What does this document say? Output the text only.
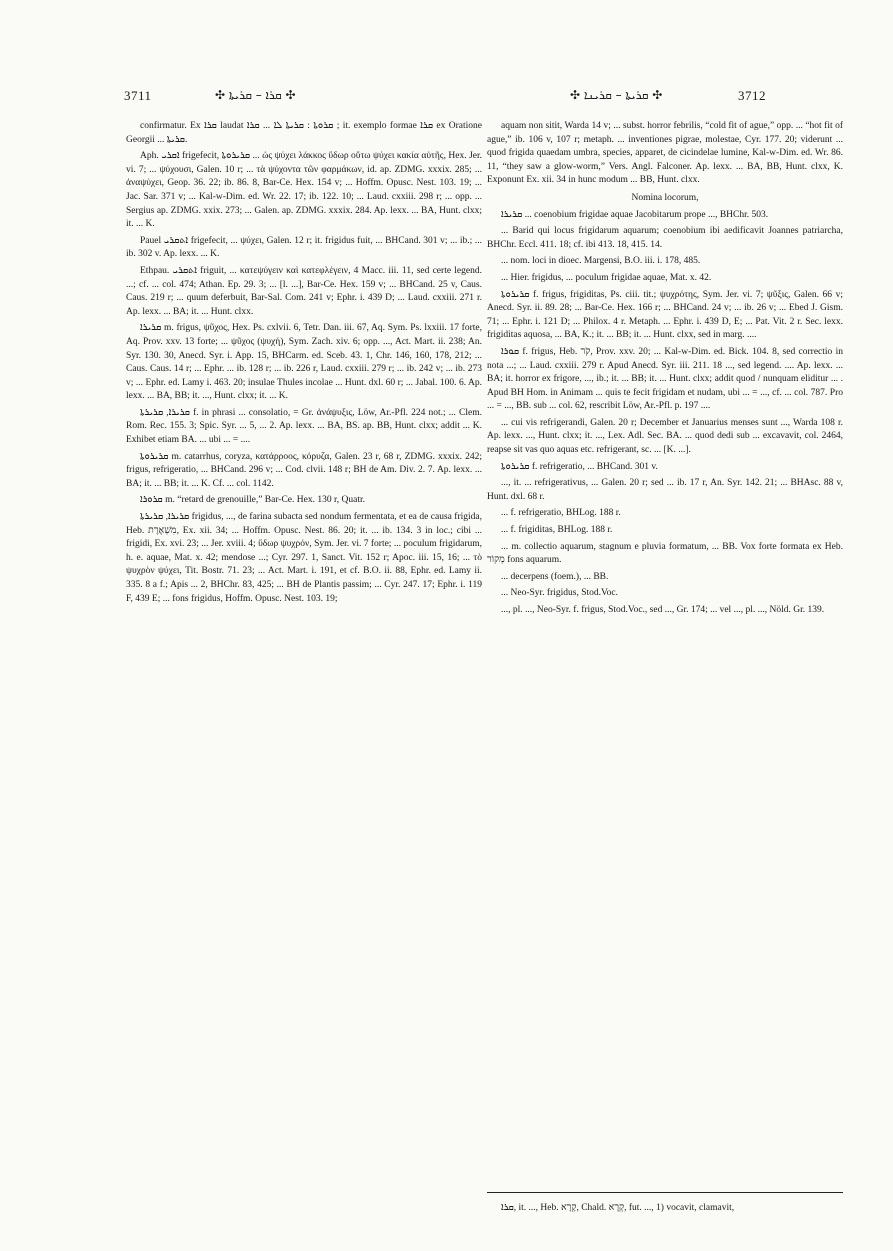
3711	✣ ܩܪܐ – ܩܪܝܬܐ ✣	✣ ܩܪܝܬܐ – ܩܪܝܢܐ ✣	3712

confirmatur. Ex ܩܪܐ laudat ܩܪܘܬܐ : ܩܪܝܬܐ ܠܐ ... ܩܪܐ ; it. exemplo formae ܩܪܐ ex Oratione Georgii ... ܩܪܝܬܐ.

Aph. ܐܩܪܝ frigefecit, ܩܪܝܪܘܬܐ ... ὡς ψύχει λάκκος ὕδωρ οὕτω ψύχει κακία αὐτῆς, Hex. Jer. vi. 7; ... ψύχουσι, Galen. 10 r; ... τὰ ψύχοντα τῶν φαρμάκων, id. ap. ZDMG. xxxix. 285; ... ἀναψύχει, Geop. 36. 22; ib. 86. 8, Bar-Ce. Hex. 154 v; ... Hoffm. Opusc. Nest. 103. 19; ... Jac. Sar. 371 v; ... Kal-w-Dim. ed. Wr. 22. 17; ib. 122. 10; ... Laud. cxxiii. 298 r; ... opp. ... Sergius ap. ZDMG. xxix. 273; ... Galen. ap. ZDMG. xxxix. 284. Ap. lexx. ... BA, Hunt. clxx; it. ... K.

Pauel ܐܬܩܪܝ frigefecit, ... ψύχει, Galen. 12 r; it. frigidus fuit, ... BHCand. 301 v; ... ib.; ... ib. 302 v. Ap. lexx. ... K.

Ethpau. ܐܬܩܪܝ friguit, ... κατεψύγειν καὶ κατεφλέγειν, 4 Macc. iii. 11, sed certe legend. ...; cf. ... col. 474; Athan. Ep. 29. 3; ... [l. ...], Bar-Ce. Hex. 159 v; ... BHCand. 25 v, Caus. Caus. 219 r; ... quum deferbuit, Bar-Sal. Com. 241 v; Ephr. i. 439 D; ... Laud. cxxiii. 271 r. Ap. lexx. ... BA; it. ... Hunt. clxx.

ܩܪܝܪܐ m. frigus, ψῦχος, Hex. Ps. cxlvii. 6, Tetr. Dan. iii. 67, Aq. Sym. Ps. lxxiii. 17 forte, Aq. Prov. xxv. 13 forte; ... ψῦχος (ψυχή), Sym. Zach. xiv. 6; opp. ..., Act. Mart. ii. 238; An. Syr. 130. 30, Anecd. Syr. i. App. 15, BHCarm. ed. Sceb. 43. 1, Chr. 146, 160, 178, 212; ... Caus. Caus. 14 r; ... Ephr. ... ib. 128 r; ... ib. 226 r, Laud. cxxiii. 279 r; ... ib. 242 v; ... ib. 273 v; ... Ephr. ed. Lamy i. 463. 20; insulae Thules incolae ... Hunt. dxl. 60 r; ... Jabal. 100. 6. Ap. lexx. ... BA, BB; it. ..., Hunt. clxx; it. ... K.

ܩܪܝܪܐ, ܩܪܝܪܬܐ f. in phrasi ... consolatio, = Gr. ἀνάψυξις, Löw, Ar.-Pfl. 224 not.; ... Clem. Rom. Rec. 155. 3; Spic. Syr. ... 5, ... 2. Ap. lexx. ... BA, BS. ap. BB, Hunt. clxx; addit ... K. Exhibet etiam BA. ... ubi ... = ....

ܩܪܝܪܘܬܐ m. catarrhus, coryza, κατάρροος, κόρυζα, Galen. 23 r, 68 r, ZDMG. xxxix. 242; frigus, refrigeratio, ... BHCand. 296 v; ... Cod. clvii. 148 r; BH de Am. Div. 2. 7. Ap. lexx. ... BA; it. ... BB; it. ... K. Cf. ... col. 1142.

ܩܪܘܪܐ m. “retard de grenouille,” Bar-Ce. Hex. 130 r, Quatr.

ܩܪܝܪܐ, ܩܪܝܪܬܐ frigidus, ..., de farina subacta sed nondum fermentata, et ea de causa frigida, Heb. מִשְׁאֶרֶת, Ex. xii. 34; ... Hoffm. Opusc. Nest. 86. 20; it. ... ib. 134. 3 in loc.; cibi ... frigidi, Ex. xvi. 23; ... Jer. xviii. 4; ὕδωρ ψυχρόν, Sym. Jer. vi. 7 forte; ... poculum frigidarum, h. e. aquae, Mat. x. 42; mendose ...; Cyr. 297. 1, Sanct. Vit. 152 r; Apoc. iii. 15, 16; ... τὸ ψυχρὸν ψύχει, Tit. Bostr. 71. 23; ... Act. Mart. i. 191, et cf. B.O. ii. 88, Ephr. ed. Lamy ii. 335. 8 a f.; Apis ... 2, BHChr. 83, 425; ... BH de Plantis passim; ... Cyr. 247. 17; Ephr. i. 119 F, 439 E; ... fons frigidus, Hoffm. Opusc. Nest. 103. 19;

aquam non sitit, Warda 14 v; ... subst. horror febrilis, “cold fit of ague,” opp. ... “hot fit of ague,” ib. 106 v, 107 r; metaph. ... inventiones pigrae, molestae, Cyr. 177. 20; viderunt ... quod frigida quaedam umbra, species, apparet, de cicindelae lumine, Kal-w-Dim. ed. Wr. 86. 11, “they saw a glow-worm,” Vers. Angl. Falconer. Ap. lexx. ... BA, BB, Hunt. clxx, K. Exponunt Ex. xii. 34 in hunc modum ... BB, Hunt. clxx.

Nomina locorum,

ܩܪܝܪܐ ... coenobium frigidae aquae Jacobitarum prope ..., BHChr. 503.

... Barid qui locus frigidarum aquarum; coenobium ibi aedificavit Joannes patriarcha, BHChr. Eccl. 411. 18; cf. ibi 413. 18, 415. 14.

... nom. loci in dioec. Margensi, B.O. iii. i. 178, 485.

... Hier. frigidus, ... poculum frigidae aquae, Mat. x. 42.

ܩܪܝܪܘܬܐ f. frigus, frigiditas, Ps. ciii. tit.; ψυχρότης, Sym. Jer. vi. 7; ψῦξις, Galen. 66 v; Anecd. Syr. ii. 89. 28; ... Bar-Ce. Hex. 166 r; ... BHCand. 24 v; ... ib. 26 v; ... Ebed J. Gism. 71; ... Ephr. i. 121 D; ... Philox. 4 r. Metaph. ... Ephr. i. 439 D, E; ... Pat. Vit. 2 r. Sec. lexx. frigiditas aquosa, ... BA, K.; it. ... BB; it. ... Hunt. clxx, sed in marg. ....

ܩܘܪܐ f. frigus, Heb. קֹר, Prov. xxv. 20; ... Kal-w-Dim. ed. Bick. 104. 8, sed correctio in nota ...; ... Laud. cxxiii. 279 r. Apud Anecd. Syr. iii. 211. 18 ..., sed legend. .... Ap. lexx. ... BA; it. horror ex frigore, ..., ib.; it. ... BB; it. ... Hunt. clxx; addit quod / nunquam eliditur ... . Apud BH Hom. in Animam ... quis te fecit frigidam et nudam, ubi ... = ..., cf. ... col. 787. Pro ... = ..., BB. sub ... col. 62, rescribit Löw, Ar.-Pfl. p. 197 ....

... cui vis refrigerandi, Galen. 20 r; December et Januarius menses sunt ..., Warda 108 r. Ap. lexx. ..., Hunt. clxx; it. ..., Lex. Adl. Sec. BA. ... quod dedi sub ... excavavit, col. 2464, reapse sit vas quo aquas etc. refrigerant, sc. ... [K. ...].

ܩܪܝܪܘܬܐ f. refrigeratio, ... BHCand. 301 v.

..., it. ... refrigerativus, ... Galen. 20 r; sed ... ib. 17 r, An. Syr. 142. 21; ... BHAsc. 88 v, Hunt. dxl. 68 r.

... f. refrigeratio, BHLog. 188 r.

... f. frigiditas, BHLog. 188 r.

... m. collectio aquarum, stagnum e pluvia formatum, ... BB. Vox forte formata ex Heb. מְקוֹר fons aquarum.

... decerpens (foem.), ... BB.

... Neo-Syr. frigidus, Stod.Voc.

..., pl. ..., Neo-Syr. f. frigus, Stod.Voc., sed ..., Gr. 174; ... vel ..., pl. ..., Nöld. Gr. 139.

ܩܪܐ, it. ..., Heb. קָרָא, Chald. קְרָא, fut. ..., 1) vocavit, clamavit,
